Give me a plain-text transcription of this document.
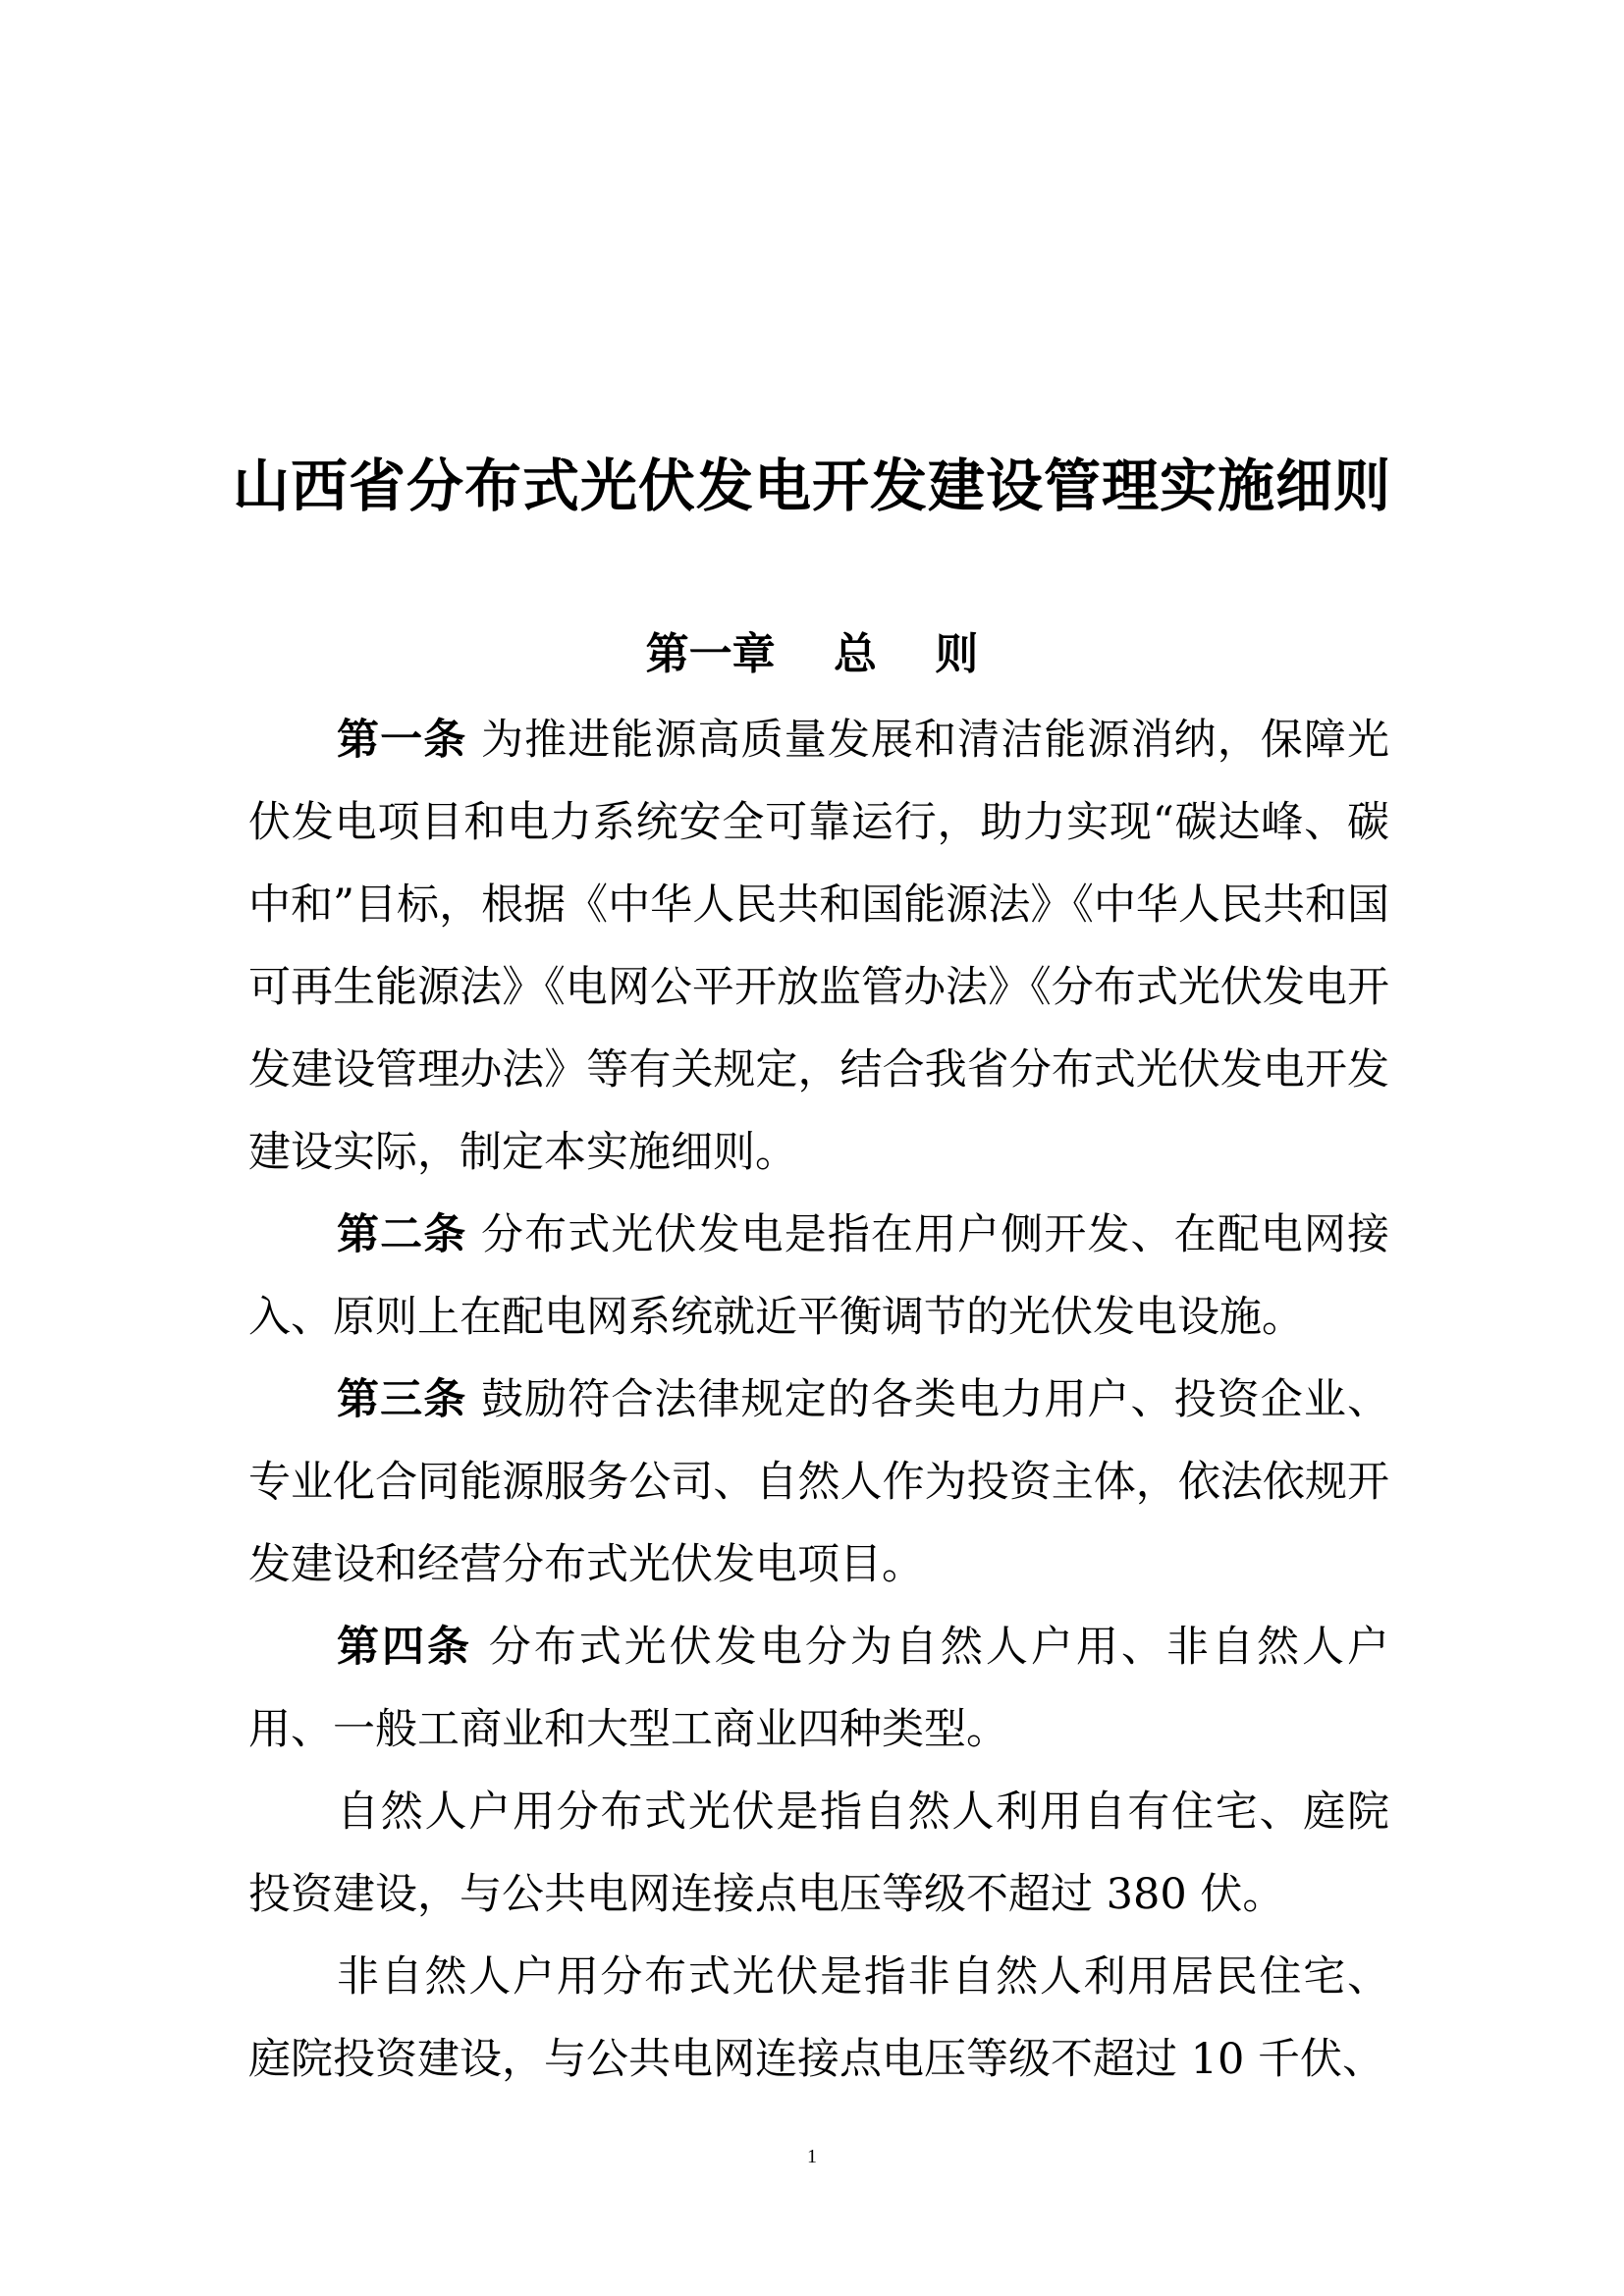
山西省分布式光伏发电开发建设管理实施细则
第一章　 总　 则

第一条 为推进能源高质量发展和清洁能源消纳，保障光伏发电项目和电力系统安全可靠运行，助力实现“碳达峰、碳中和”目标，根据《中华人民共和国能源法》《中华人民共和国可再生能源法》《电网公平开放监管办法》《分布式光伏发电开发建设管理办法》等有关规定，结合我省分布式光伏发电开发建设实际，制定本实施细则。

第二条 分布式光伏发电是指在用户侧开发、在配电网接入、原则上在配电网系统就近平衡调节的光伏发电设施。

第三条 鼓励符合法律规定的各类电力用户、投资企业、专业化合同能源服务公司、自然人作为投资主体，依法依规开发建设和经营分布式光伏发电项目。

第四条 分布式光伏发电分为自然人户用、非自然人户用、一般工商业和大型工商业四种类型。

自然人户用分布式光伏是指自然人利用自有住宅、庭院投资建设，与公共电网连接点电压等级不超过 380 伏。

非自然人户用分布式光伏是指非自然人利用居民住宅、庭院投资建设，与公共电网连接点电压等级不超过 10 千伏、

1
